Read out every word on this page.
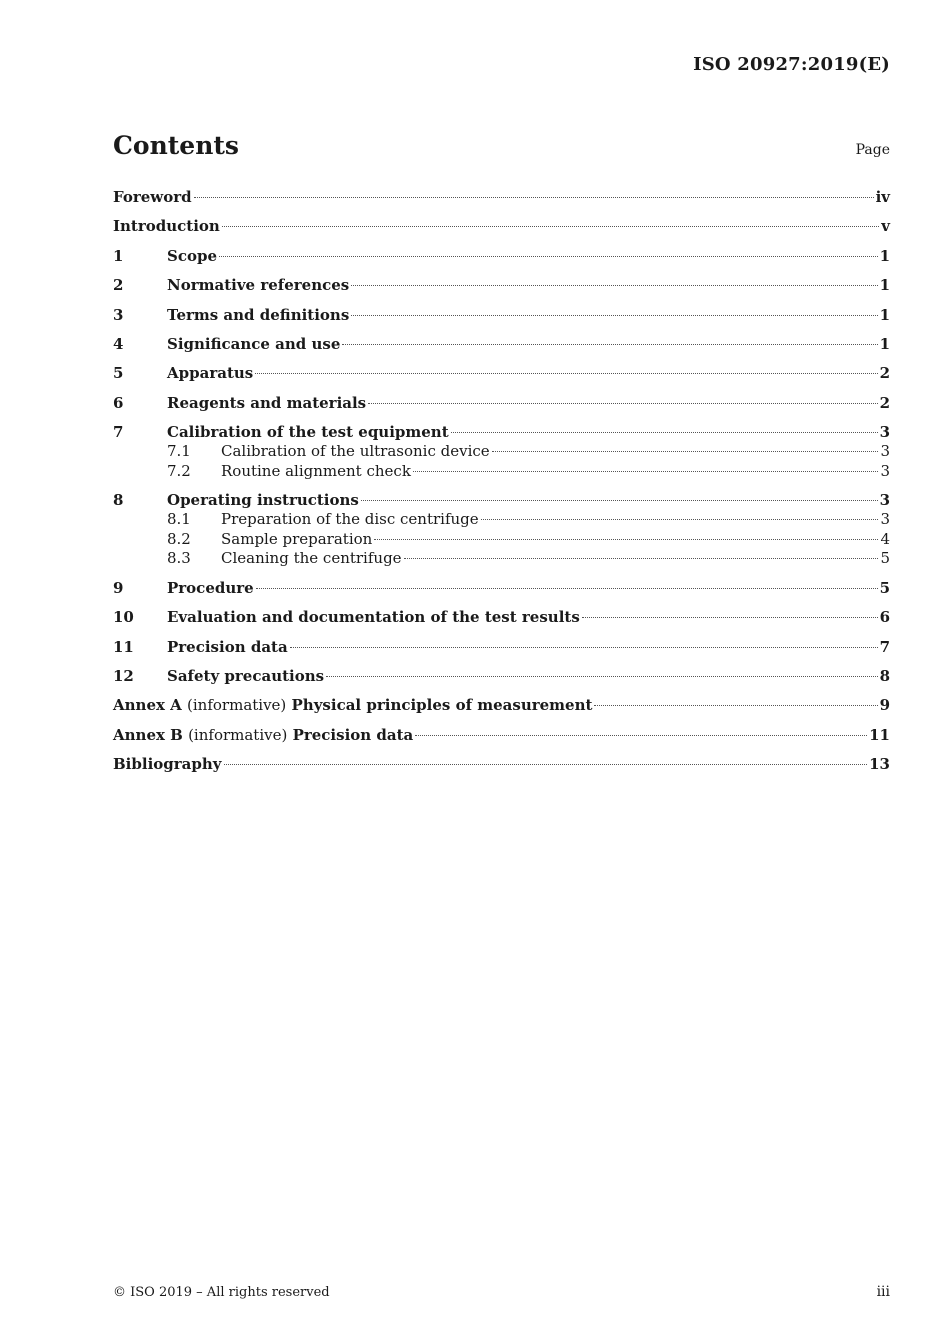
ISO 20927:2019(E)
Contents	Page
Foreword	iv
Introduction	v
1	Scope	1
2	Normative references	1
3	Terms and definitions	1
4	Significance and use	1
5	Apparatus	2
6	Reagents and materials	2
7	Calibration of the test equipment	3
7.1	Calibration of the ultrasonic device	3
7.2	Routine alignment check	3
8	Operating instructions	3
8.1	Preparation of the disc centrifuge	3
8.2	Sample preparation	4
8.3	Cleaning the centrifuge	5
9	Procedure	5
10	Evaluation and documentation of the test results	6
11	Precision data	7
12	Safety precautions	8
Annex A (informative) Physical principles of measurement	9
Annex B (informative) Precision data	11
Bibliography	13
© ISO 2019 – All rights reserved	iii
